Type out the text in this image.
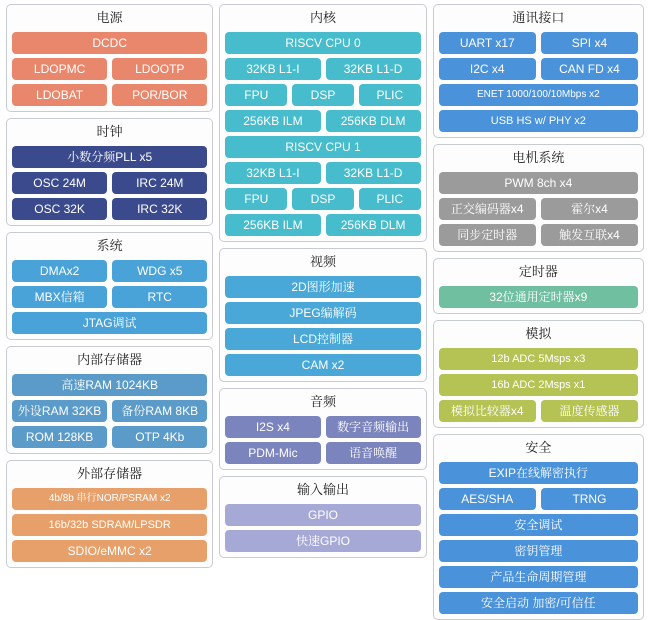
电源
DCDC
LDOPMC	LDOOTP
LDOBAT	POR/BOR
时钟
小数分频PLL x5
OSC 24M	IRC 24M
OSC 32K	IRC 32K
系统
DMAx2	WDG x5
MBX信箱	RTC
JTAG调试
内部存储器
高速RAM 1024KB
外设RAM 32KB	备份RAM 8KB
ROM 128KB	OTP 4Kb
外部存储器
4b/8b 串行NOR/PSRAM x2
16b/32b SDRAM/LPSDR
SDIO/eMMC x2
内核
RISCV CPU 0
32KB L1-I	32KB L1-D
FPU	DSP	PLIC
256KB ILM	256KB DLM
RISCV CPU 1
32KB L1-I	32KB L1-D
FPU	DSP	PLIC
256KB ILM	256KB DLM
视频
2D图形加速
JPEG编解码
LCD控制器
CAM x2
音频
I2S x4	数字音频输出
PDM-Mic	语音唤醒
输入输出
GPIO
快速GPIO
通讯接口
UART x17	SPI x4
I2C x4	CAN FD x4
ENET 1000/100/10Mbps x2
USB HS w/ PHY x2
电机系统
PWM 8ch x4
正交编码器x4	霍尔x4
同步定时器	触发互联x4
定时器
32位通用定时器x9
模拟
12b ADC 5Msps x3
16b ADC 2Msps x1
模拟比较器x4	温度传感器
安全
EXIP在线解密执行
AES/SHA	TRNG
安全调试
密钥管理
产品生命周期管理
安全启动 加密/可信任
